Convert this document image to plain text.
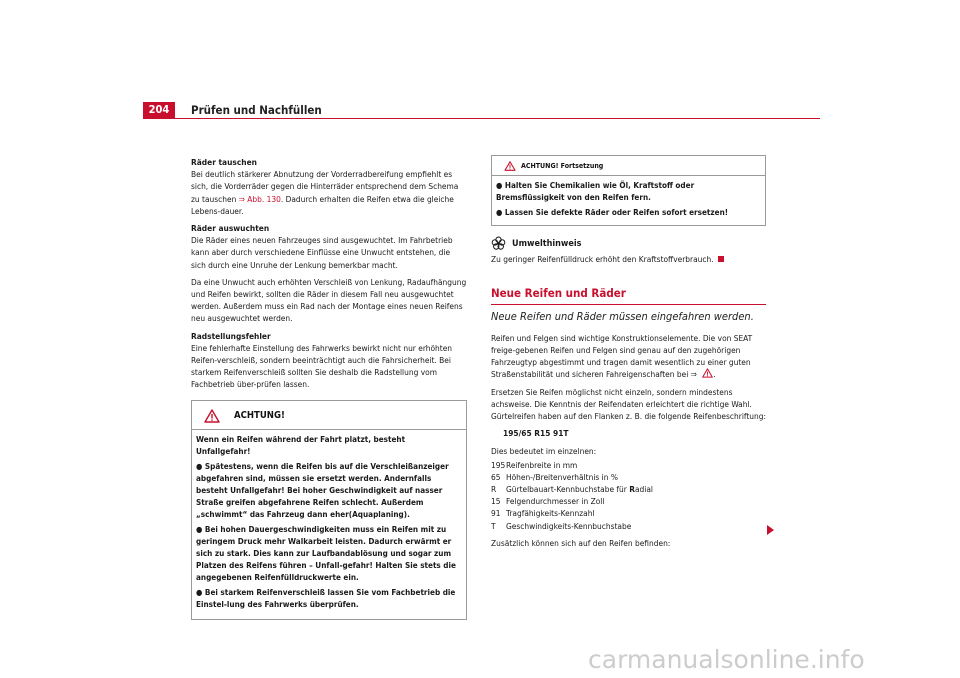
204	Prüfen und Nachfüllen

Räder tauschen

Bei deutlich stärkerer Abnutzung der Vorderradbereifung empfiehlt es sich, die Vorderräder gegen die Hinterräder entsprechend dem Schema zu tauschen ⇒ Abb. 130. Dadurch erhalten die Reifen etwa die gleiche Lebens-dauer.

Räder auswuchten

Die Räder eines neuen Fahrzeuges sind ausgewuchtet. Im Fahrbetrieb kann aber durch verschiedene Einflüsse eine Unwucht entstehen, die sich durch eine Unruhe der Lenkung bemerkbar macht.

Da eine Unwucht auch erhöhten Verschleiß von Lenkung, Radaufhängung und Reifen bewirkt, sollten die Räder in diesem Fall neu ausgewuchtet werden. Außerdem muss ein Rad nach der Montage eines neuen Reifens neu ausgewuchtet werden.

Radstellungsfehler

Eine fehlerhafte Einstellung des Fahrwerks bewirkt nicht nur erhöhten Reifen-verschleiß, sondern beeinträchtigt auch die Fahrsicherheit. Bei starkem Reifenverschleiß sollten Sie deshalb die Radstellung vom Fachbetrieb über-prüfen lassen.

ACHTUNG!

Wenn ein Reifen während der Fahrt platzt, besteht Unfallgefahr!

● Spätestens, wenn die Reifen bis auf die Verschleißanzeiger abgefahren sind, müssen sie ersetzt werden. Andernfalls besteht Unfallgefahr! Bei hoher Geschwindigkeit auf nasser Straße greifen abgefahrene Reifen schlecht. Außerdem „schwimmt“ das Fahrzeug dann eher(Aquaplaning).

● Bei hohen Dauergeschwindigkeiten muss ein Reifen mit zu geringem Druck mehr Walkarbeit leisten. Dadurch erwärmt er sich zu stark. Dies kann zur Laufbandablösung und sogar zum Platzen des Reifens führen – Unfall-gefahr! Halten Sie stets die angegebenen Reifenfülldruckwerte ein.

● Bei starkem Reifenverschleiß lassen Sie vom Fachbetrieb die Einstel-lung des Fahrwerks überprüfen.

ACHTUNG! Fortsetzung

● Halten Sie Chemikalien wie Öl, Kraftstoff oder Bremsflüssigkeit von den Reifen fern.

● Lassen Sie defekte Räder oder Reifen sofort ersetzen!

Umwelthinweis

Zu geringer Reifenfülldruck erhöht den Kraftstoffverbrauch.

Neue Reifen und Räder
Neue Reifen und Räder müssen eingefahren werden.

Reifen und Felgen sind wichtige Konstruktionselemente. Die von SEAT freige-gebenen Reifen und Felgen sind genau auf den zugehörigen Fahrzeugtyp abgestimmt und tragen damit wesentlich zu einer guten Straßenstabilität und sicheren Fahreigenschaften bei ⇒ .

Ersetzen Sie Reifen möglichst nicht einzeln, sondern mindestens achsweise. Die Kenntnis der Reifendaten erleichtert die richtige Wahl. Gürtelreifen haben auf den Flanken z. B. die folgende Reifenbeschriftung:

195/65 R15 91T

Dies bedeutet im einzelnen:

195 Reifenbreite in mm
65 Höhen-/Breitenverhältnis in %
R	Gürtelbauart-Kennbuchstabe für Radial
15 Felgendurchmesser in Zoll
91 Tragfähigkeits-Kennzahl
T	Geschwindigkeits-Kennbuchstabe

Zusätzlich können sich auf den Reifen befinden:

carmanualsonline.info
